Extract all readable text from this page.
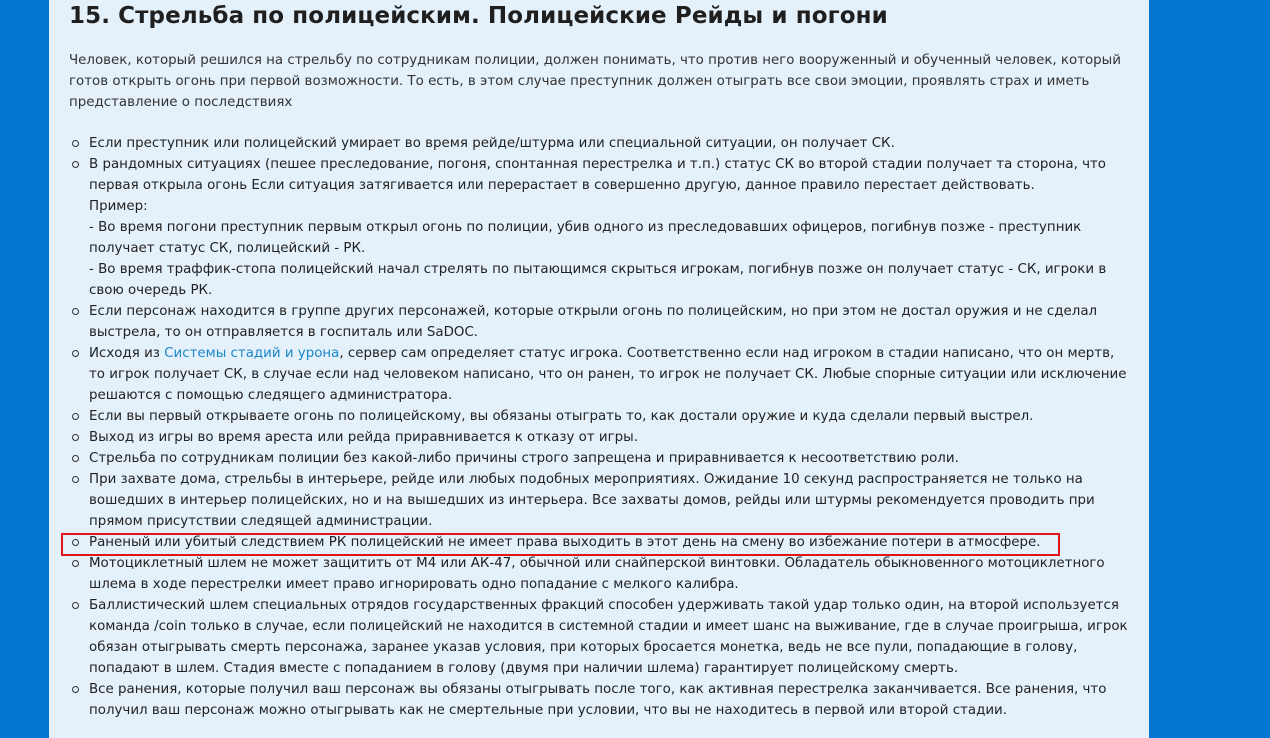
15. Стрельба по полицейским. Полицейские Рейды и погони

Человек, который решился на стрельбу по сотрудникам полиции, должен понимать, что против него вооруженный и обученный человек, который готов открыть огонь при первой возможности. То есть, в этом случае преступник должен отыграть все свои эмоции, проявлять страх и иметь представление о последствиях

Если преступник или полицейский умирает во время рейде/штурма или специальной ситуации, он получает СК.
В рандомных ситуациях (пешее преследование, погоня, спонтанная перестрелка и т.п.) статус СК во второй стадии получает та сторона, что первая открыла огонь Если ситуация затягивается или перерастает в совершенно другую, данное правило перестает действовать.
Пример:
- Во время погони преступник первым открыл огонь по полиции, убив одного из преследовавших офицеров, погибнув позже - преступник получает статус СК, полицейский - РК.
- Во время траффик-стопа полицейский начал стрелять по пытающимся скрыться игрокам, погибнув позже он получает статус - СК, игроки в свою очередь РК.
Если персонаж находится в группе других персонажей, которые открыли огонь по полицейским, но при этом не достал оружия и не сделал выстрела, то он отправляется в госпиталь или SaDOC.
Исходя из Системы стадий и урона, сервер сам определяет статус игрока. Соответственно если над игроком в стадии написано, что он мертв, то игрок получает СК, в случае если над человеком написано, что он ранен, то игрок не получает СК. Любые спорные ситуации или исключение решаются с помощью следящего администратора.
Если вы первый открываете огонь по полицейскому, вы обязаны отыграть то, как достали оружие и куда сделали первый выстрел.
Выход из игры во время ареста или рейда приравнивается к отказу от игры.
Стрельба по сотрудникам полиции без какой-либо причины строго запрещена и приравнивается к несоответствию роли.
При захвате дома, стрельбы в интерьере, рейде или любых подобных мероприятиях. Ожидание 10 секунд распространяется не только на вошедших в интерьер полицейских, но и на вышедших из интерьера. Все захваты домов, рейды или штурмы рекомендуется проводить при прямом присутствии следящей администрации.
Раненый или убитый следствием РК полицейский не имеет права выходить в этот день на смену во избежание потери в атмосфере.
Мотоциклетный шлем не может защитить от М4 или АК-47, обычной или снайперской винтовки. Обладатель обыкновенного мотоциклетного шлема в ходе перестрелки имеет право игнорировать одно попадание с мелкого калибра.
Баллистический шлем специальных отрядов государственных фракций способен удерживать такой удар только один, на второй используется команда /coin только в случае, если полицейский не находится в системной стадии и имеет шанс на выживание, где в случае проигрыша, игрок обязан отыгрывать смерть персонажа, заранее указав условия, при которых бросается монетка, ведь не все пули, попадающие в голову, попадают в шлем. Стадия вместе с попаданием в голову (двумя при наличии шлема) гарантирует полицейскому смерть.
Все ранения, которые получил ваш персонаж вы обязаны отыгрывать после того, как активная перестрелка заканчивается. Все ранения, что получил ваш персонаж можно отыгрывать как не смертельные при условии, что вы не находитесь в первой или второй стадии.
